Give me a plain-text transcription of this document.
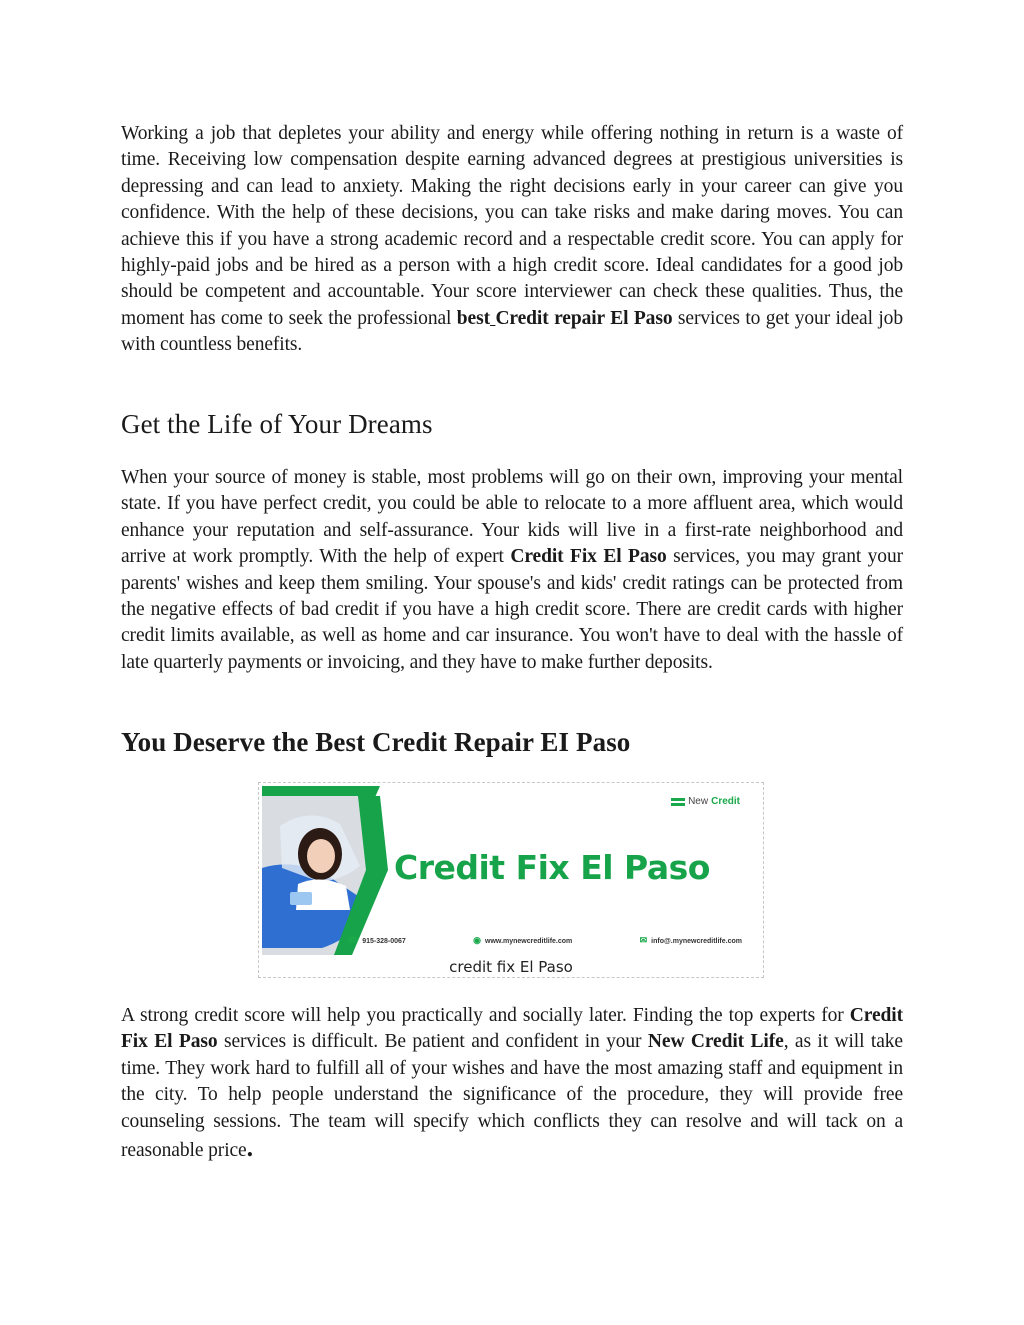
Working a job that depletes your ability and energy while offering nothing in return is a waste of time. Receiving low compensation despite earning advanced degrees at prestigious universities is depressing and can lead to anxiety. Making the right decisions early in your career can give you confidence. With the help of these decisions, you can take risks and make daring moves. You can achieve this if you have a strong academic record and a respectable credit score. You can apply for highly-paid jobs and be hired as a person with a high credit score. Ideal candidates for a good job should be competent and accountable. Your score interviewer can check these qualities. Thus, the moment has come to seek the professional best Credit repair El Paso services to get your ideal job with countless benefits.

Get the Life of Your Dreams

When your source of money is stable, most problems will go on their own, improving your mental state. If you have perfect credit, you could be able to relocate to a more affluent area, which would enhance your reputation and self-assurance. Your kids will live in a first-rate neighborhood and arrive at work promptly. With the help of expert Credit Fix El Paso services, you may grant your parents' wishes and keep them smiling. Your spouse's and kids' credit ratings can be protected from the negative effects of bad credit if you have a high credit score. There are credit cards with higher credit limits available, as well as home and car insurance. You won't have to deal with the hassle of late quarterly payments or invoicing, and they have to make further deposits.

You Deserve the Best Credit Repair EI Paso
New Credit
Credit Fix El Paso
☎ 915-328-0067	◉ www.mynewcreditlife.com	✉ info@.mynewcreditlife.com
credit fix El Paso

A strong credit score will help you practically and socially later. Finding the top experts for Credit Fix El Paso services is difficult. Be patient and confident in your New Credit Life, as it will take time. They work hard to fulfill all of your wishes and have the most amazing staff and equipment in the city. To help people understand the significance of the procedure, they will provide free counseling sessions. The team will specify which conflicts they can resolve and will tack on a reasonable price.
